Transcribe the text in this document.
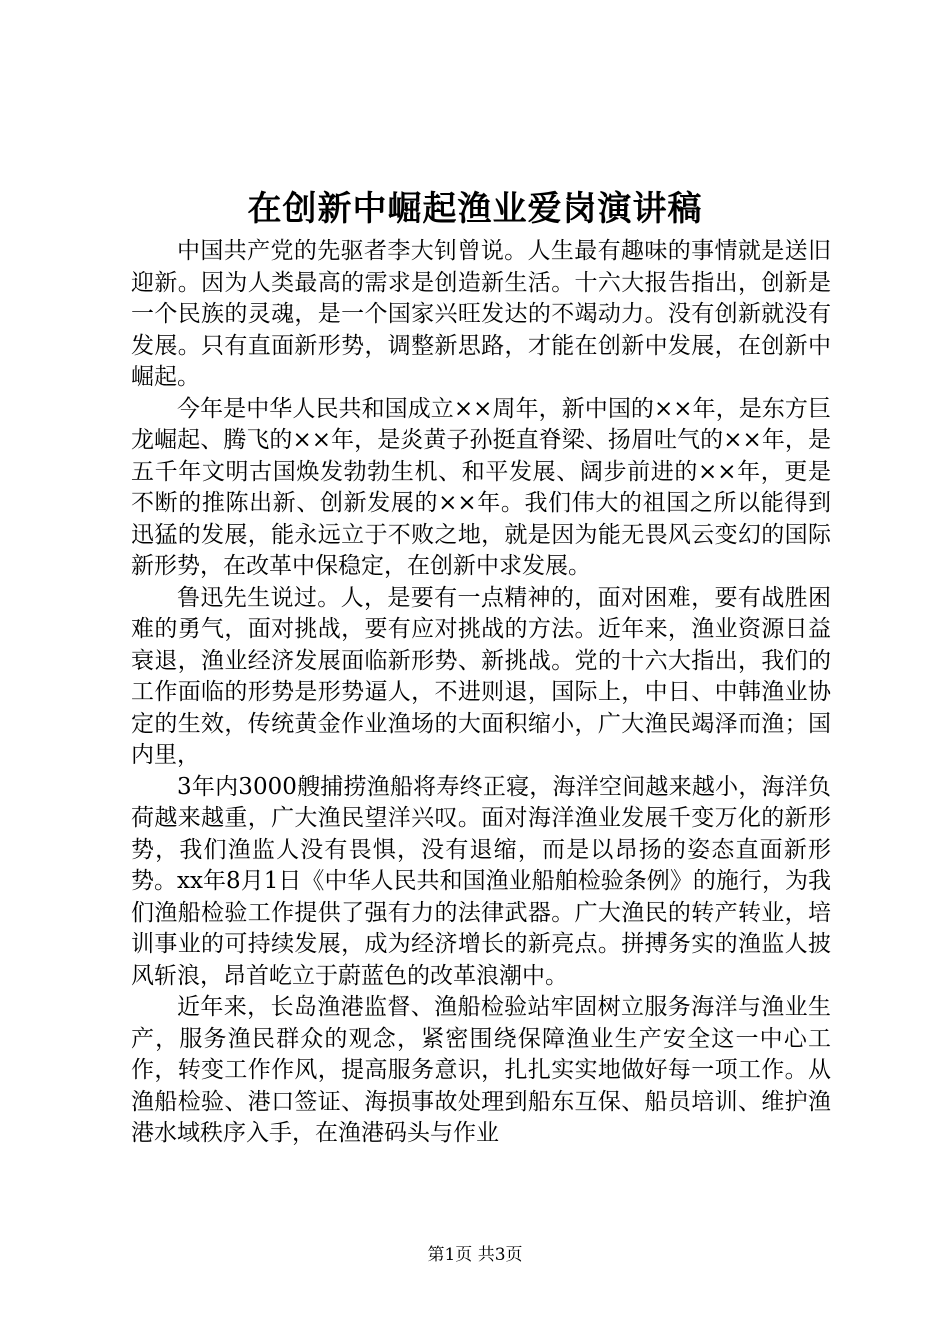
在创新中崛起渔业爱岗演讲稿

中国共产党的先驱者李大钊曾说。人生最有趣味的事情就是送旧迎新。因为人类最高的需求是创造新生活。十六大报告指出，创新是一个民族的灵魂，是一个国家兴旺发达的不竭动力。没有创新就没有发展。只有直面新形势，调整新思路，才能在创新中发展，在创新中崛起。

今年是中华人民共和国成立××周年，新中国的××年，是东方巨龙崛起、腾飞的××年，是炎黄子孙挺直脊梁、扬眉吐气的××年，是五千年文明古国焕发勃勃生机、和平发展、阔步前进的××年，更是不断的推陈出新、创新发展的××年。我们伟大的祖国之所以能得到迅猛的发展，能永远立于不败之地，就是因为能无畏风云变幻的国际新形势，在改革中保稳定，在创新中求发展。

鲁迅先生说过。人，是要有一点精神的，面对困难，要有战胜困难的勇气，面对挑战，要有应对挑战的方法。近年来，渔业资源日益衰退，渔业经济发展面临新形势、新挑战。党的十六大指出，我们的工作面临的形势是形势逼人，不进则退，国际上，中日、中韩渔业协定的生效，传统黄金作业渔场的大面积缩小，广大渔民竭泽而渔；国内里，

3年内3000艘捕捞渔船将寿终正寝，海洋空间越来越小，海洋负荷越来越重，广大渔民望洋兴叹。面对海洋渔业发展千变万化的新形势，我们渔监人没有畏惧，没有退缩，而是以昂扬的姿态直面新形势。xx年8月1日《中华人民共和国渔业船舶检验条例》的施行，为我们渔船检验工作提供了强有力的法律武器。广大渔民的转产转业，培训事业的可持续发展，成为经济增长的新亮点。拼搏务实的渔监人披风斩浪，昂首屹立于蔚蓝色的改革浪潮中。

近年来，长岛渔港监督、渔船检验站牢固树立服务海洋与渔业生产，服务渔民群众的观念，紧密围绕保障渔业生产安全这一中心工作，转变工作作风，提高服务意识，扎扎实实地做好每一项工作。从渔船检验、港口签证、海损事故处理到船东互保、船员培训、维护渔港水域秩序入手，在渔港码头与作业

第1页 共3页
